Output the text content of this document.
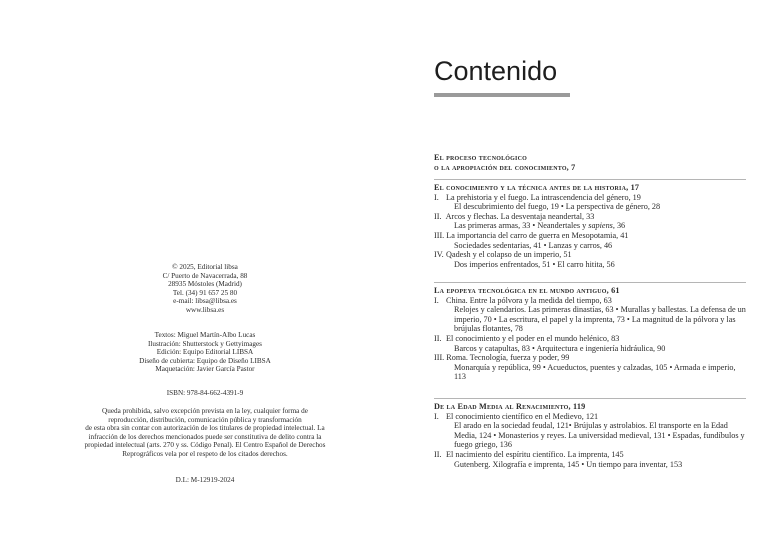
© 2025, Editorial libsa
C/ Puerto de Navacerrada, 88
28935 Móstoles (Madrid)
Tel. (34) 91 657 25 80
e-mail: libsa@libsa.es
www.libsa.es
Textos: Miguel Martín-Albo Lucas
Ilustración: Shutterstock y Gettyimages
Edición: Equipo Editorial LIBSA
Diseño de cubierta: Equipo de Diseño LIBSA
Maquetación: Javier García Pastor
ISBN: 978-84-662-4391-9
Queda prohibida, salvo excepción prevista en la ley, cualquier forma de
reproducción, distribución, comunicación pública y transformación
de esta obra sin contar con autorización de los titulares de propiedad intelectual. La
infracción de los derechos mencionados puede ser constitutiva de delito contra la
propiedad intelectual (arts. 270 y ss. Código Penal). El Centro Español de Derechos
Reprográficos vela por el respeto de los citados derechos.
D.L: M-12919-2024
Contenido
El proceso tecnológico
o la apropiación del conocimiento, 7
El conocimiento y la técnica antes de la historia, 17
I. La prehistoria y el fuego. La intrascendencia del género, 19
El descubrimiento del fuego, 19 • La perspectiva de género, 28
II. Arcos y flechas. La desventaja neandertal, 33
Las primeras armas, 33 • Neandertales y sapiens, 36
III. La importancia del carro de guerra en Mesopotamia, 41
Sociedades sedentarias, 41 • Lanzas y carros, 46
IV. Qadesh y el colapso de un imperio, 51
Dos imperios enfrentados, 51 • El carro hitita, 56
La epopeya tecnológica en el mundo antiguo, 61
I. China. Entre la pólvora y la medida del tiempo, 63
Relojes y calendarios. Las primeras dinastías, 63 • Murallas y ballestas. La defensa de un imperio, 70 • La escritura, el papel y la imprenta, 73 • La magnitud de la pólvora y las brújulas flotantes, 78
II. El conocimiento y el poder en el mundo helénico, 83
Barcos y catapultas, 83 • Arquitectura e ingeniería hidráulica, 90
III. Roma. Tecnología, fuerza y poder, 99
Monarquía y república, 99 • Acueductos, puentes y calzadas, 105 • Armada e imperio, 113
De la Edad Media al Renacimiento, 119
I. El conocimiento científico en el Medievo, 121
El arado en la sociedad feudal, 121• Brújulas y astrolabios. El transporte en la Edad Media, 124 • Monasterios y reyes. La universidad medieval, 131 • Espadas, fundíbulos y fuego griego, 136
II. El nacimiento del espíritu científico. La imprenta, 145
Gutenberg. Xilografía e imprenta, 145 • Un tiempo para inventar, 153
